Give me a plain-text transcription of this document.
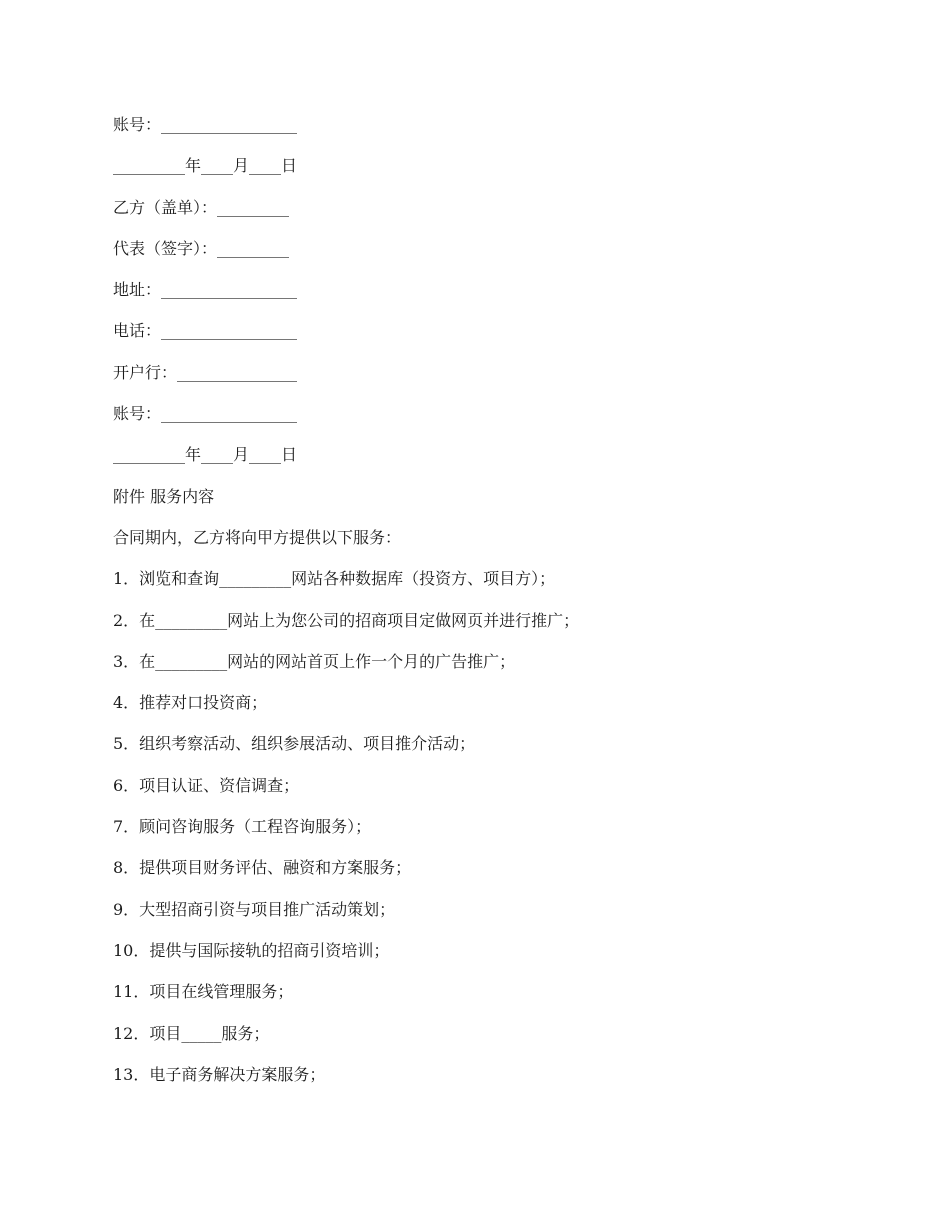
账号：_________________
_________年____月____日
乙方（盖单）：_________
代表（签字）：_________
地址：_________________
电话：_________________
开户行：_______________
账号：_________________
_________年____月____日
附件 服务内容
合同期内，乙方将向甲方提供以下服务：
1．浏览和查询_________网站各种数据库（投资方、项目方）；
2．在_________网站上为您公司的招商项目定做网页并进行推广；
3．在_________网站的网站首页上作一个月的广告推广；
4．推荐对口投资商；
5．组织考察活动、组织参展活动、项目推介活动；
6．项目认证、资信调查；
7．顾问咨询服务（工程咨询服务）；
8．提供项目财务评估、融资和方案服务；
9．大型招商引资与项目推广活动策划；
10．提供与国际接轨的招商引资培训；
11．项目在线管理服务；
12．项目_____服务；
13．电子商务解决方案服务；
